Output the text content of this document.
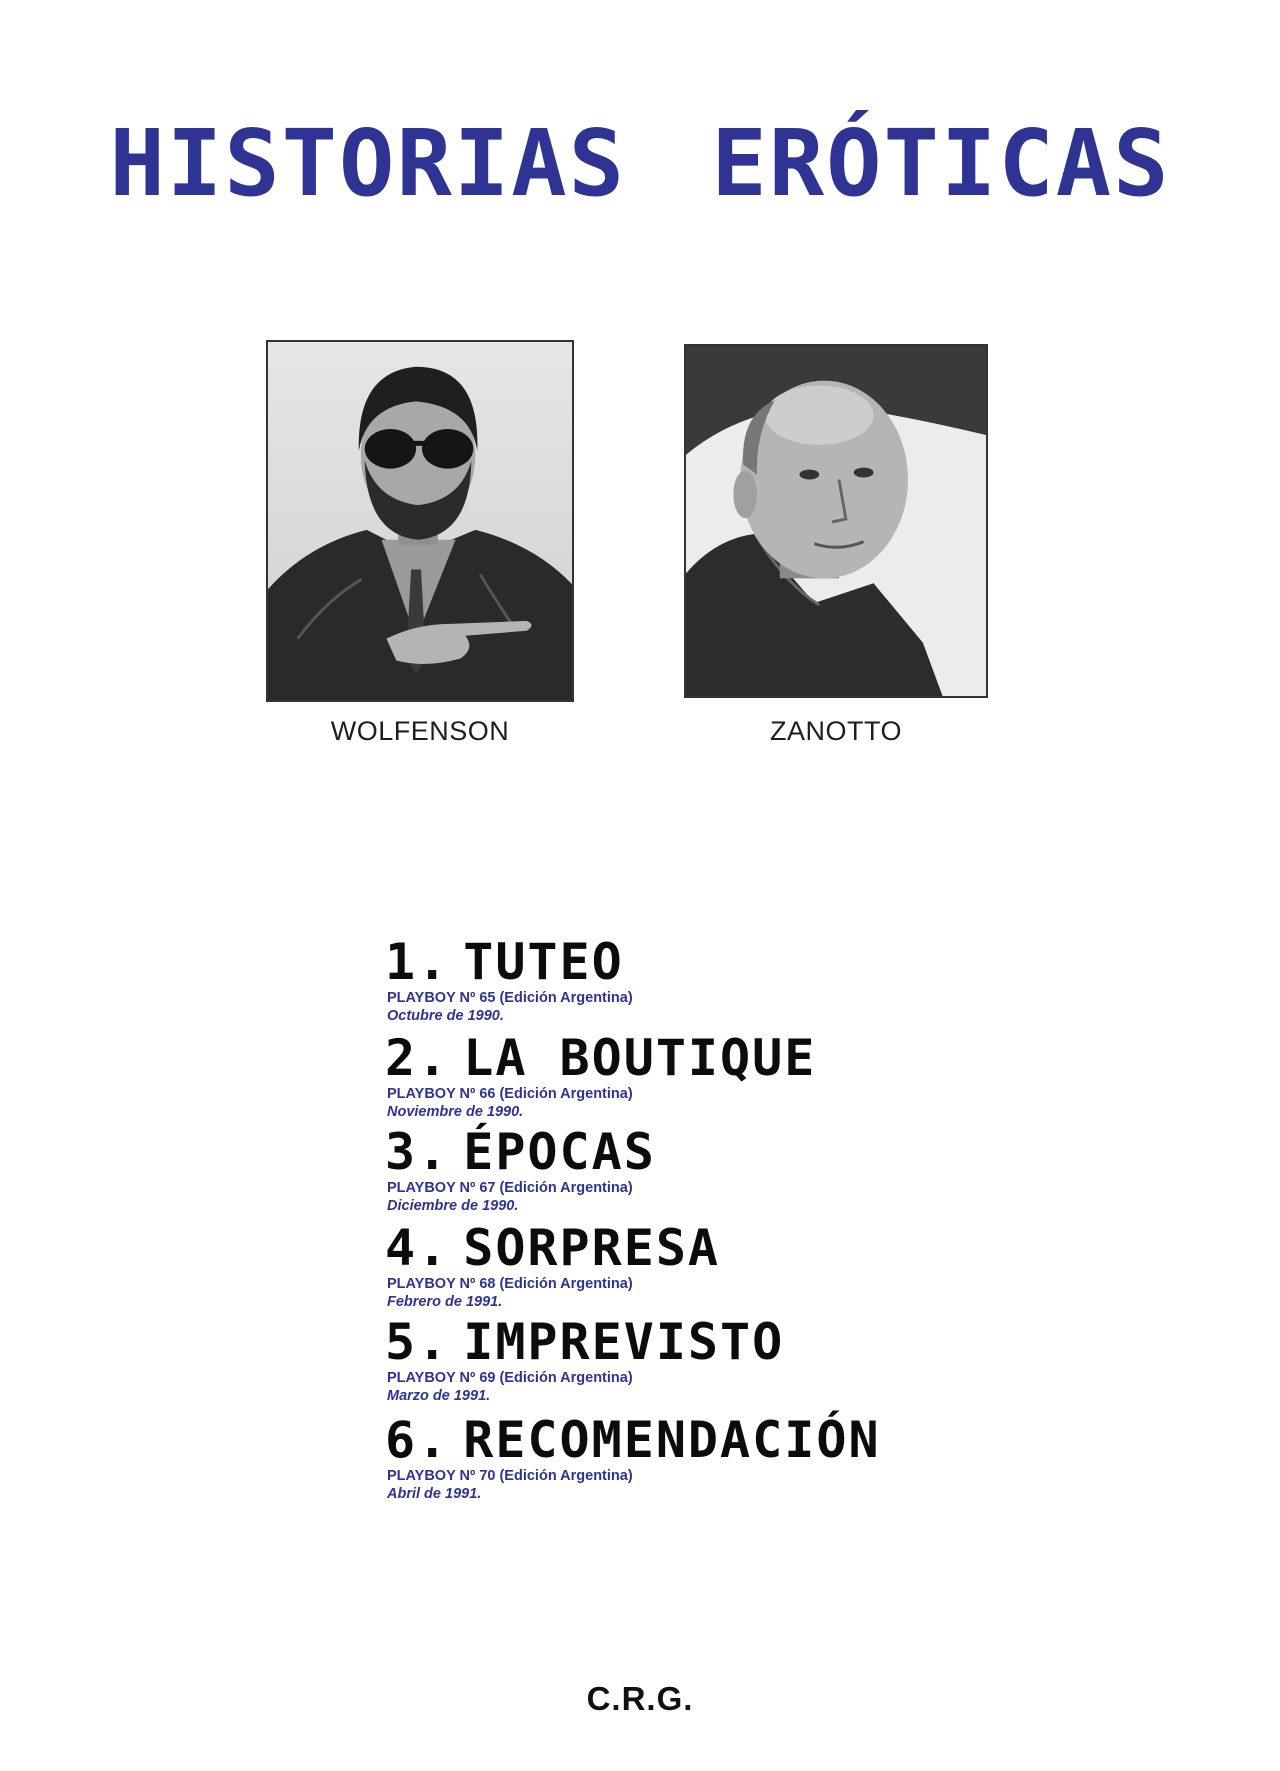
HISTORIAS ERÓTICAS
WOLFENSON	ZANOTTO
1. TUTEO
PLAYBOY Nº 65 (Edición Argentina)
Octubre de 1990.
2. LA BOUTIQUE
PLAYBOY Nº 66 (Edición Argentina)
Noviembre de 1990.
3. ÉPOCAS
PLAYBOY Nº 67 (Edición Argentina)
Diciembre de 1990.
4. SORPRESA
PLAYBOY Nº 68 (Edición Argentina)
Febrero de 1991.
5. IMPREVISTO
PLAYBOY Nº 69 (Edición Argentina)
Marzo de 1991.
6. RECOMENDACIÓN
PLAYBOY Nº 70 (Edición Argentina)
Abril de 1991.
C.R.G.
